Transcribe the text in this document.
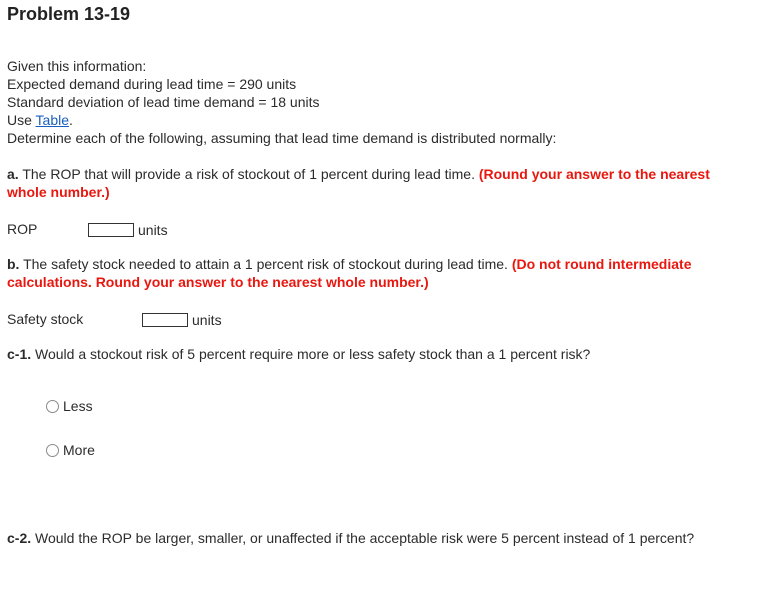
Problem 13-19
Given this information:
Expected demand during lead time = 290 units
Standard deviation of lead time demand = 18 units
Use Table.
Determine each of the following, assuming that lead time demand is distributed normally:
a. The ROP that will provide a risk of stockout of 1 percent during lead time. (Round your answer to the nearest whole number.)
ROP	units
b. The safety stock needed to attain a 1 percent risk of stockout during lead time. (Do not round intermediate calculations. Round your answer to the nearest whole number.)
Safety stock	units
c-1. Would a stockout risk of 5 percent require more or less safety stock than a 1 percent risk?
Less
More
c-2. Would the ROP be larger, smaller, or unaffected if the acceptable risk were 5 percent instead of 1 percent?
